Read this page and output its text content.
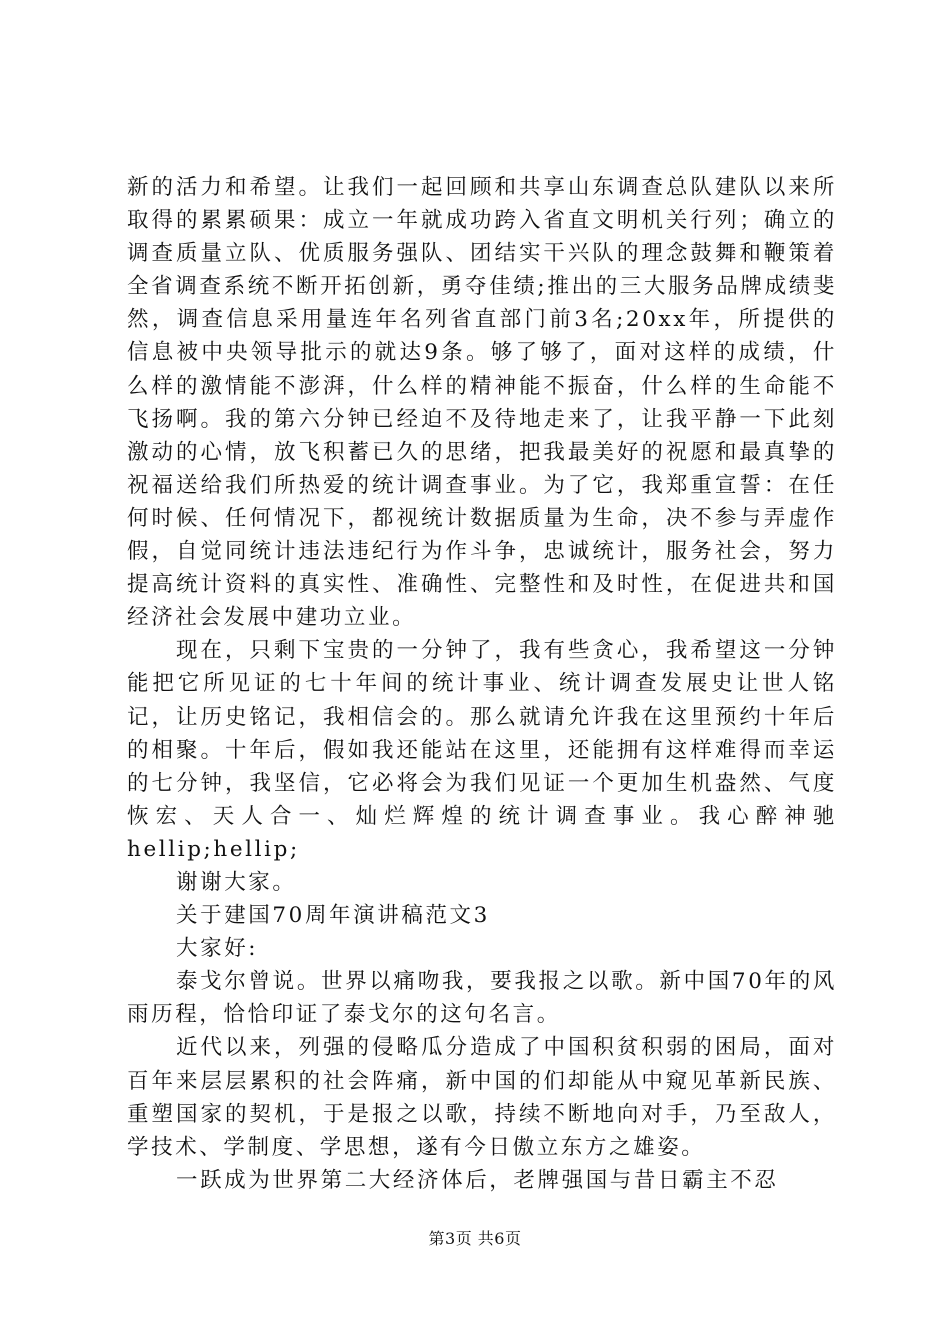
新的活力和希望。让我们一起回顾和共享山东调查总队建队以来所取得的累累硕果：成立一年就成功跨入省直文明机关行列；确立的调查质量立队、优质服务强队、团结实干兴队的理念鼓舞和鞭策着全省调查系统不断开拓创新，勇夺佳绩;推出的三大服务品牌成绩斐然，调查信息采用量连年名列省直部门前3名;20xx年，所提供的信息被中央领导批示的就达9条。够了够了，面对这样的成绩，什么样的激情能不澎湃，什么样的精神能不振奋，什么样的生命能不飞扬啊。我的第六分钟已经迫不及待地走来了，让我平静一下此刻激动的心情，放飞积蓄已久的思绪，把我最美好的祝愿和最真挚的祝福送给我们所热爱的统计调查事业。为了它，我郑重宣誓：在任何时候、任何情况下，都视统计数据质量为生命，决不参与弄虚作假，自觉同统计违法违纪行为作斗争，忠诚统计，服务社会，努力提高统计资料的真实性、准确性、完整性和及时性，在促进共和国经济社会发展中建功立业。

现在，只剩下宝贵的一分钟了，我有些贪心，我希望这一分钟能把它所见证的七十年间的统计事业、统计调查发展史让世人铭记，让历史铭记，我相信会的。那么就请允许我在这里预约十年后的相聚。十年后，假如我还能站在这里，还能拥有这样难得而幸运的七分钟，我坚信，它必将会为我们见证一个更加生机盎然、气度恢宏、天人合一、灿烂辉煌的统计调查事业。我心醉神驰hellip;hellip;

谢谢大家。

关于建国70周年演讲稿范文3

大家好:

泰戈尔曾说。世界以痛吻我，要我报之以歌。新中国70年的风雨历程，恰恰印证了泰戈尔的这句名言。

近代以来，列强的侵略瓜分造成了中国积贫积弱的困局，面对百年来层层累积的社会阵痛，新中国的们却能从中窥见革新民族、重塑国家的契机，于是报之以歌，持续不断地向对手，乃至敌人，学技术、学制度、学思想，遂有今日傲立东方之雄姿。

一跃成为世界第二大经济体后，老牌强国与昔日霸主不忍

第3页 共6页
